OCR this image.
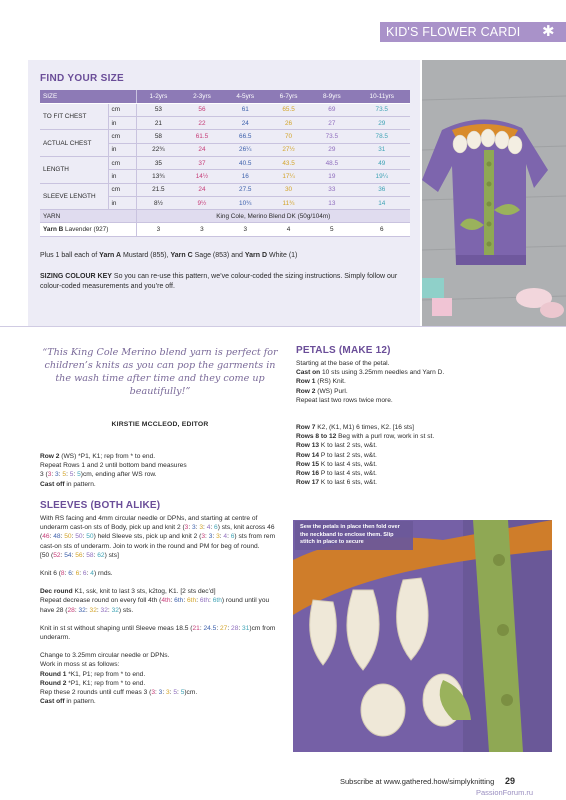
KID'S FLOWER CARDI ✱
FIND YOUR SIZE
SIZE		1-2yrs	2-3yrs	4-5yrs	6-7yrs	8-9yrs	10-11yrs
TO FIT CHEST	cm	53	56	61	65.5	69	73.5
	in	21	22	24	26	27	29
ACTUAL CHEST	cm	58	61.5	66.5	70	73.5	78.5
	in	22¾	24	26¼	27½	29	31
LENGTH	cm	35	37	40.5	43.5	48.5	49
	in	13¾	14½	16	17¼	19	19¼
SLEEVE LENGTH	cm	21.5	24	27.5	30	33	36
	in	8½	9½	10¾	11¾	13	14
YARN		King Cole, Merino Blend DK (50g/104m)					
Yarn B Lavender (927)		3	3	3	4	5	6
Plus 1 ball each of Yarn A Mustard (855), Yarn C Sage (853) and Yarn D White (1)
SIZING COLOUR KEY So you can re-use this pattern, we’ve colour-coded the sizing instructions. Simply follow our colour-coded measurements and you’re off.
“This King Cole Merino blend yarn is perfect for children’s knits as you can pop the garments in the wash time after time and they come up beautifully!”
KIRSTIE MCCLEOD, EDITOR

Row 2 (WS) *P1, K1; rep from * to end.

Repeat Rows 1 and 2 until bottom band measures

3 (3: 3: 5: 5: 5)cm, ending after WS row.

Cast off in pattern.

SLEEVES (BOTH ALIKE)

With RS facing and 4mm circular needle or DPNs, and starting at centre of underarm cast-on sts of Body, pick up and knit 2 (3: 3: 3: 4: 6) sts, knit across 46 (46: 48: 50: 50: 50) held Sleeve sts, pick up and knit 2 (3: 3: 3: 4: 6) sts from rem cast-on sts of underarm. Join to work in the round and PM for beg of round.

[50 (52: 54: 56: 58: 62) sts]

Knit 6 (8: 6: 6: 6: 4) rnds.

Dec round K1, ssk, knit to last 3 sts, k2tog, K1. [2 sts dec’d]

Repeat decrease round on every foll 4th (4th: 6th: 6th: 6th: 6th) round until you have 28 (28: 32: 32: 32: 32) sts.

Knit in st st without shaping until Sleeve meas 18.5 (21: 24.5: 27: 28: 31)cm from underarm.

Change to 3.25mm circular needle or DPNs.

Work in moss st as follows:

Round 1 *K1, P1; rep from * to end.

Round 2 *P1, K1; rep from * to end.

Rep these 2 rounds until cuff meas 3 (3: 3: 3: 5: 5)cm.

Cast off in pattern.

PETALS (MAKE 12)

Starting at the base of the petal.

Cast on 10 sts using 3.25mm needles and Yarn D.

Row 1 (RS) Knit.

Row 2 (WS) Purl.

Repeat last two rows twice more.

Row 7 K2, (K1, M1) 6 times, K2. [16 sts]

Rows 8 to 12 Beg with a purl row, work in st st.

Row 13 K to last 2 sts, w&t.

Row 14 P to last 2 sts, w&t.

Row 15 K to last 4 sts, w&t.

Row 16 P to last 4 sts, w&t.

Row 17 K to last 6 sts, w&t.

Sew the petals in place then fold over the neckband to enclose them. Slip stitch in place to secure
Subscribe at www.gathered.how/simplyknitting 29
PassionForum.ru
